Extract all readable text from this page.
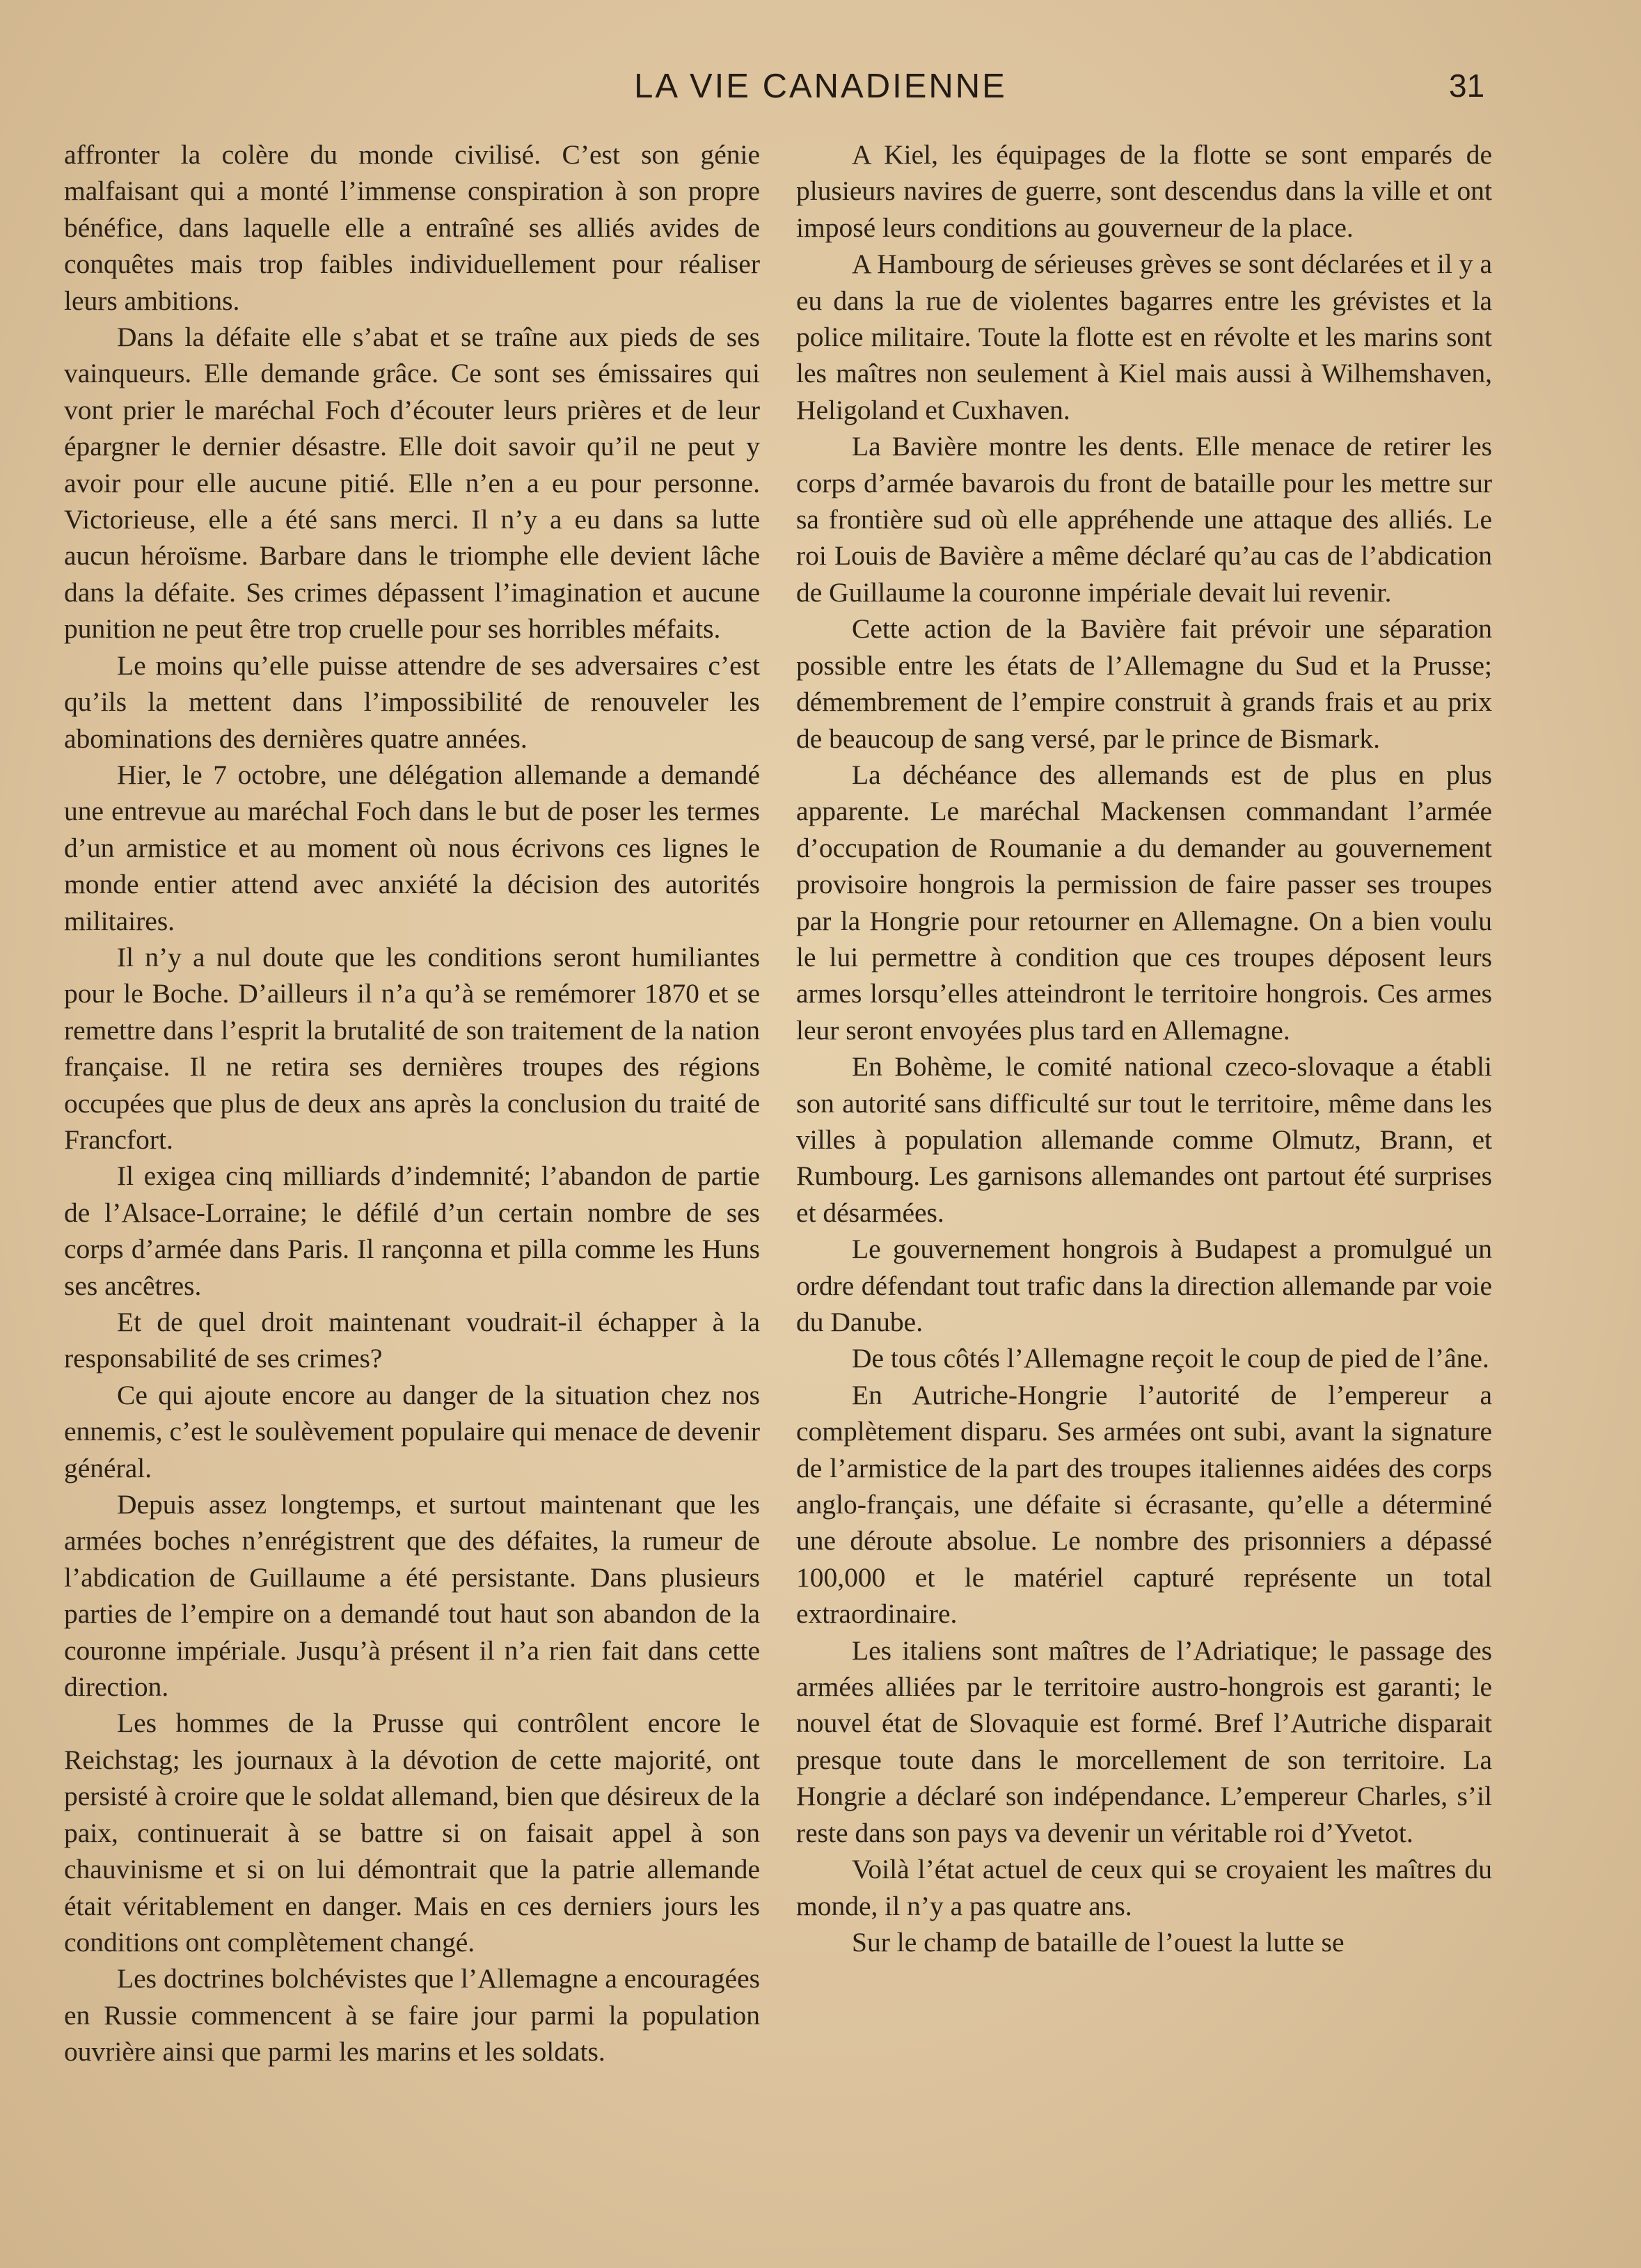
LA VIE CANADIENNE	31

affronter la colère du monde civilisé. C’est son génie malfaisant qui a monté l’immense conspiration à son propre bénéfice, dans laquelle elle a entraîné ses alliés avides de conquêtes mais trop faibles individuellement pour réaliser leurs ambitions.

Dans la défaite elle s’abat et se traîne aux pieds de ses vainqueurs. Elle demande grâce. Ce sont ses émissaires qui vont prier le maréchal Foch d’écouter leurs prières et de leur épargner le dernier désastre. Elle doit savoir qu’il ne peut y avoir pour elle aucune pitié. Elle n’en a eu pour personne. Victorieuse, elle a été sans merci. Il n’y a eu dans sa lutte aucun héroïsme. Barbare dans le triomphe elle devient lâche dans la défaite. Ses crimes dépassent l’imagination et aucune punition ne peut être trop cruelle pour ses horribles méfaits.

Le moins qu’elle puisse attendre de ses adversaires c’est qu’ils la mettent dans l’impossibilité de renouveler les abominations des dernières quatre années.

Hier, le 7 octobre, une délégation allemande a demandé une entrevue au maréchal Foch dans le but de poser les termes d’un armistice et au moment où nous écrivons ces lignes le monde entier attend avec anxiété la décision des autorités militaires.

Il n’y a nul doute que les conditions seront humiliantes pour le Boche. D’ailleurs il n’a qu’à se remémorer 1870 et se remettre dans l’esprit la brutalité de son traitement de la nation française. Il ne retira ses dernières troupes des régions occupées que plus de deux ans après la conclusion du traité de Francfort.

Il exigea cinq milliards d’indemnité; l’abandon de partie de l’Alsace-Lorraine; le défilé d’un certain nombre de ses corps d’armée dans Paris. Il rançonna et pilla comme les Huns ses ancêtres.

Et de quel droit maintenant voudrait-il échapper à la responsabilité de ses crimes?

Ce qui ajoute encore au danger de la situation chez nos ennemis, c’est le soulèvement populaire qui menace de devenir général.

Depuis assez longtemps, et surtout maintenant que les armées boches n’enrégistrent que des défaites, la rumeur de l’abdication de Guillaume a été persistante. Dans plusieurs parties de l’empire on a demandé tout haut son abandon de la couronne impériale. Jusqu’à présent il n’a rien fait dans cette direction.

Les hommes de la Prusse qui contrôlent encore le Reichstag; les journaux à la dévotion de cette majorité, ont persisté à croire que le soldat allemand, bien que désireux de la paix, continuerait à se battre si on faisait appel à son chauvinisme et si on lui démontrait que la patrie allemande était véritablement en danger. Mais en ces derniers jours les conditions ont complètement changé.

Les doctrines bolchévistes que l’Allemagne a encouragées en Russie commencent à se faire jour parmi la population ouvrière ainsi que parmi les marins et les soldats.

A Kiel, les équipages de la flotte se sont emparés de plusieurs navires de guerre, sont descendus dans la ville et ont imposé leurs conditions au gouverneur de la place.

A Hambourg de sérieuses grèves se sont déclarées et il y a eu dans la rue de violentes bagarres entre les grévistes et la police militaire. Toute la flotte est en révolte et les marins sont les maîtres non seulement à Kiel mais aussi à Wilhemshaven, Heligoland et Cuxhaven.

La Bavière montre les dents. Elle menace de retirer les corps d’armée bavarois du front de bataille pour les mettre sur sa frontière sud où elle appréhende une attaque des alliés. Le roi Louis de Bavière a même déclaré qu’au cas de l’abdication de Guillaume la couronne impériale devait lui revenir.

Cette action de la Bavière fait prévoir une séparation possible entre les états de l’Allemagne du Sud et la Prusse; démembrement de l’empire construit à grands frais et au prix de beaucoup de sang versé, par le prince de Bismark.

La déchéance des allemands est de plus en plus apparente. Le maréchal Mackensen commandant l’armée d’occupation de Roumanie a du demander au gouvernement provisoire hongrois la permission de faire passer ses troupes par la Hongrie pour retourner en Allemagne. On a bien voulu le lui permettre à condition que ces troupes déposent leurs armes lorsqu’elles atteindront le territoire hongrois. Ces armes leur seront envoyées plus tard en Allemagne.

En Bohème, le comité national czeco-slovaque a établi son autorité sans difficulté sur tout le territoire, même dans les villes à population allemande comme Olmutz, Brann, et Rumbourg. Les garnisons allemandes ont partout été surprises et désarmées.

Le gouvernement hongrois à Budapest a promulgué un ordre défendant tout trafic dans la direction allemande par voie du Danube.

De tous côtés l’Allemagne reçoit le coup de pied de l’âne.

En Autriche-Hongrie l’autorité de l’empereur a complètement disparu. Ses armées ont subi, avant la signature de l’armistice de la part des troupes italiennes aidées des corps anglo-français, une défaite si écrasante, qu’elle a déterminé une déroute absolue. Le nombre des prisonniers a dépassé 100,000 et le matériel capturé représente un total extraordinaire.

Les italiens sont maîtres de l’Adriatique; le passage des armées alliées par le territoire austro-hongrois est garanti; le nouvel état de Slovaquie est formé. Bref l’Autriche disparait presque toute dans le morcellement de son territoire. La Hongrie a déclaré son indépendance. L’empereur Charles, s’il reste dans son pays va devenir un véritable roi d’Yvetot.

Voilà l’état actuel de ceux qui se croyaient les maîtres du monde, il n’y a pas quatre ans.

Sur le champ de bataille de l’ouest la lutte se
